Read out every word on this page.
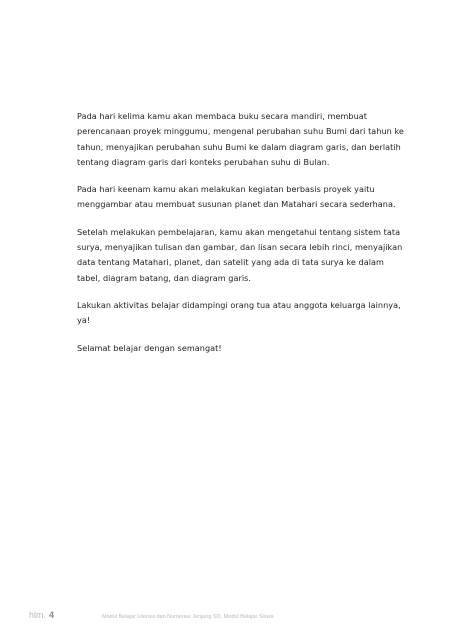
Pada hari kelima kamu akan membaca buku secara mandiri, membuat
perencanaan proyek minggumu, mengenal perubahan suhu Bumi dari tahun ke
tahun, menyajikan perubahan suhu Bumi ke dalam diagram garis, dan berlatih
tentang diagram garis dari konteks perubahan suhu di Bulan.

Pada hari keenam kamu akan melakukan kegiatan berbasis proyek yaitu
menggambar atau membuat susunan planet dan Matahari secara sederhana.

Setelah melakukan pembelajaran, kamu akan mengetahui tentang sistem tata
surya, menyajikan tulisan dan gambar, dan lisan secara lebih rinci, menyajikan
data tentang Matahari, planet, dan satelit yang ada di tata surya ke dalam
tabel, diagram batang, dan diagram garis.

Lakukan aktivitas belajar didampingi orang tua atau anggota keluarga lainnya,
ya!

Selamat belajar dengan semangat!

hlm. 4	Modul Belajar Literasi dan Numerasi Jenjang SD, Modul Belajar Siswa
